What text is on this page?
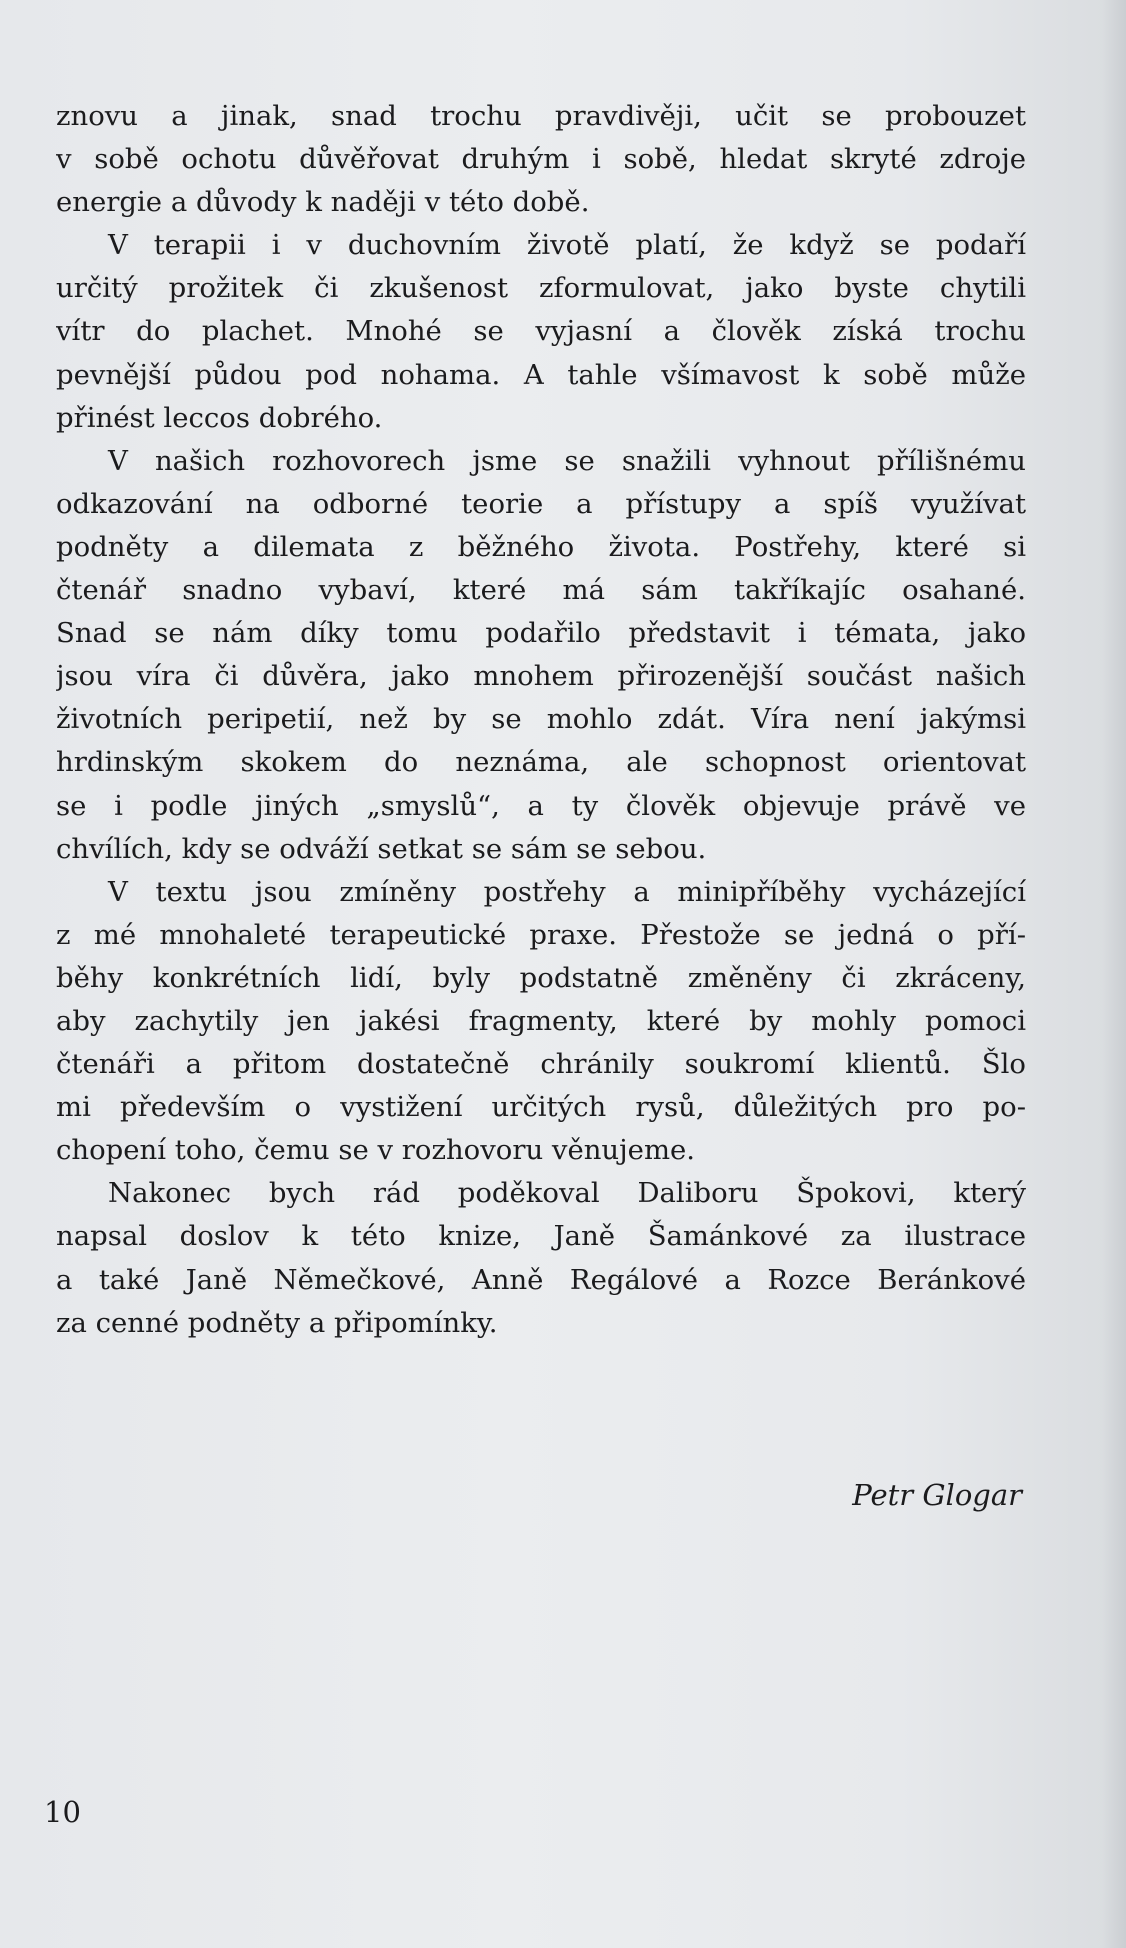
znovu a jinak, snad trochu pravdivěji, učit se probouzet
v sobě ochotu důvěřovat druhým i sobě, hledat skryté zdroje
energie a důvody k naději v této době.
V terapii i v duchovním životě platí, že když se podaří
určitý prožitek či zkušenost zformulovat, jako byste chytili
vítr do plachet. Mnohé se vyjasní a člověk získá trochu
pevnější půdou pod nohama. A tahle všímavost k sobě může
přinést leccos dobrého.
V našich rozhovorech jsme se snažili vyhnout přílišnému
odkazování na odborné teorie a přístupy a spíš využívat
podněty a dilemata z běžného života. Postřehy, které si
čtenář snadno vybaví, které má sám takříkajíc osahané.
Snad se nám díky tomu podařilo představit i témata, jako
jsou víra či důvěra, jako mnohem přirozenější součást našich
životních peripetií, než by se mohlo zdát. Víra není jakýmsi
hrdinským skokem do neznáma, ale schopnost orientovat
se i podle jiných „smyslů“, a ty člověk objevuje právě ve
chvílích, kdy se odváží setkat se sám se sebou.
V textu jsou zmíněny postřehy a minipříběhy vycházející
z mé mnohaleté terapeutické praxe. Přestože se jedná o pří-
běhy konkrétních lidí, byly podstatně změněny či zkráceny,
aby zachytily jen jakési fragmenty, které by mohly pomoci
čtenáři a přitom dostatečně chránily soukromí klientů. Šlo
mi především o vystižení určitých rysů, důležitých pro po-
chopení toho, čemu se v rozhovoru věnujeme.
Nakonec bych rád poděkoval Daliboru Špokovi, který
napsal doslov k této knize, Janě Šamánkové za ilustrace
a také Janě Němečkové, Anně Regálové a Rozce Beránkové
za cenné podněty a připomínky.
Petr Glogar
10
